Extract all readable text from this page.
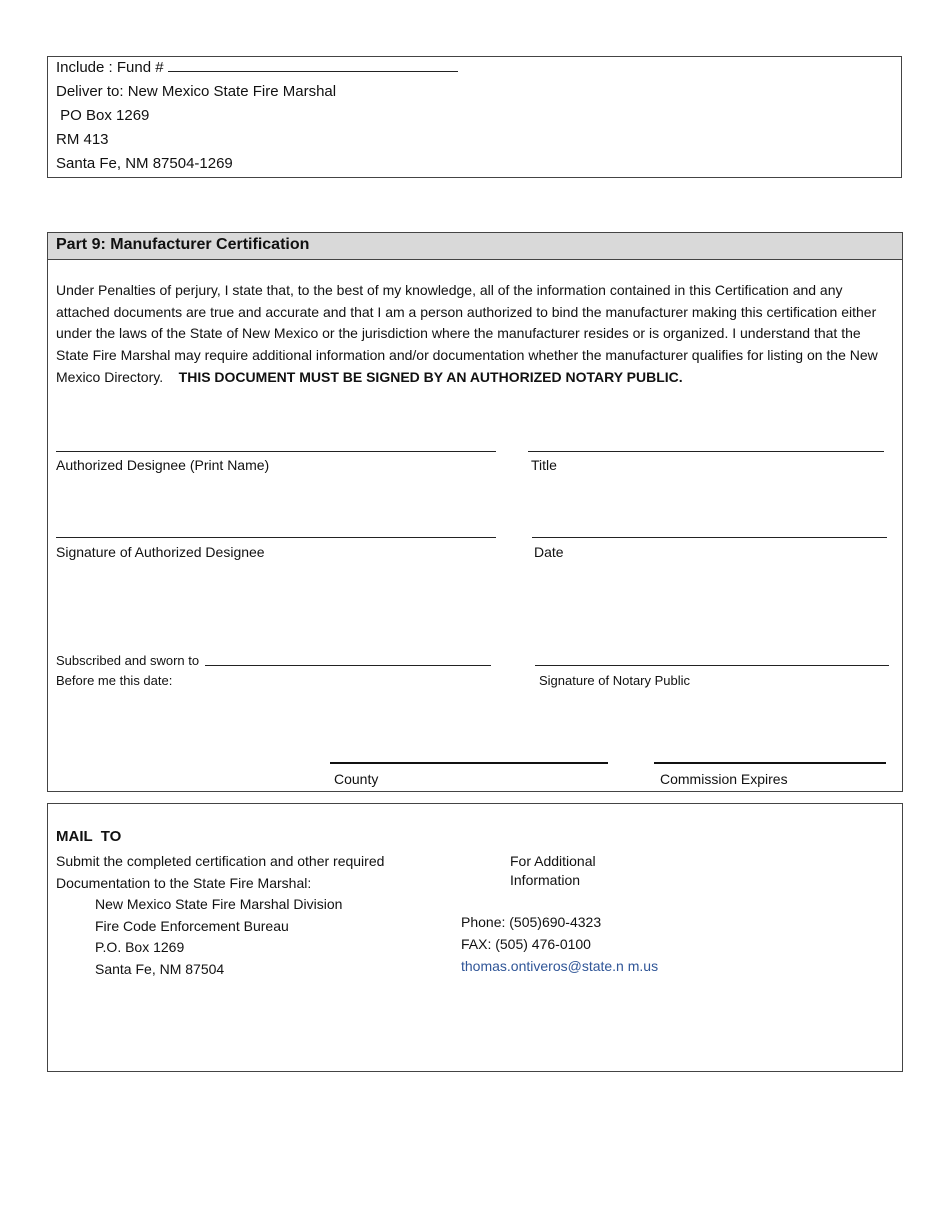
Include : Fund #
Deliver to: New Mexico State Fire Marshal
PO Box 1269
RM 413
Santa Fe, NM 87504-1269
Part 9: Manufacturer Certification
Under Penalties of perjury, I state that, to the best of my knowledge, all of the information contained in this Certification and any attached documents are true and accurate and that I am a person authorized to bind the manufacturer making this certification either under the laws of the State of New Mexico or the jurisdiction where the manufacturer resides or is organized. I understand that the State Fire Marshal may require additional information and/or documentation whether the manufacturer qualifies for listing on the New Mexico Directory. THIS DOCUMENT MUST BE SIGNED BY AN AUTHORIZED NOTARY PUBLIC.
Authorized Designee (Print Name)	Title
Signature of Authorized Designee	Date
Subscribed and sworn to
Before me this date:	Signature of Notary Public
County	Commission Expires
MAIL  TO
Submit the completed certification and other required
Documentation to the State Fire Marshal:
New Mexico State Fire Marshal Division
Fire Code Enforcement Bureau
P.O. Box 1269
Santa Fe, NM 87504
For Additional
Information
Phone: (505)690-4323
FAX: (505) 476-0100
thomas.ontiveros@state.n m.us
